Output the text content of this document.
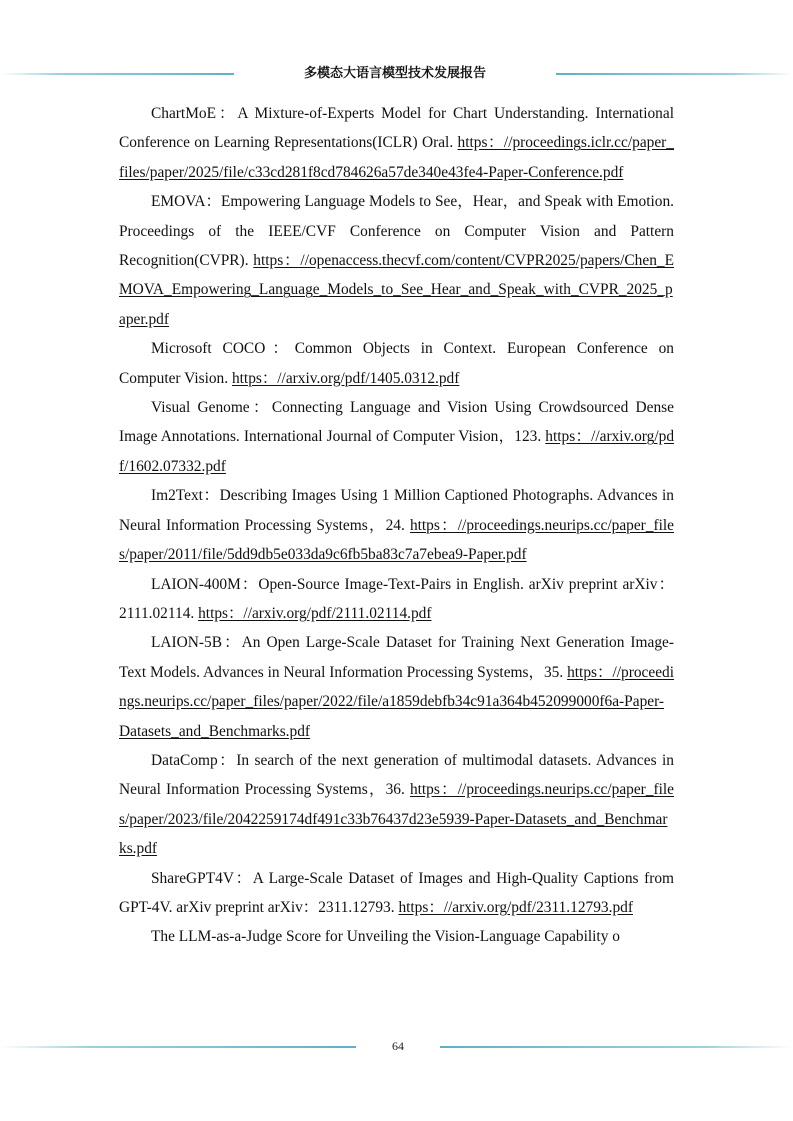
多模态大语言模型技术发展报告

ChartMoE：A Mixture-of-Experts Model for Chart Understanding. International Conference on Learning Representations(ICLR) Oral. https：//proceedings.iclr.cc/paper_files/paper/2025/file/c33cd281f8cd784626a57de340e43fe4-Paper-Conference.pdf

EMOVA：Empowering Language Models to See，Hear，and Speak with Emotion. Proceedings of the IEEE/CVF Conference on Computer Vision and Pattern Recognition(CVPR). https：//openaccess.thecvf.com/content/CVPR2025/papers/Chen_EMOVA_Empowering_Language_Models_to_See_Hear_and_Speak_with_CVPR_2025_paper.pdf

Microsoft COCO：Common Objects in Context. European Conference on Computer Vision. https：//arxiv.org/pdf/1405.0312.pdf

Visual Genome：Connecting Language and Vision Using Crowdsourced Dense Image Annotations. International Journal of Computer Vision，123. https：//arxiv.org/pdf/1602.07332.pdf

Im2Text：Describing Images Using 1 Million Captioned Photographs. Advances in Neural Information Processing Systems，24. https：//proceedings.neurips.cc/paper_files/paper/2011/file/5dd9db5e033da9c6fb5ba83c7a7ebea9-Paper.pdf

LAION-400M：Open-Source Image-Text-Pairs in English. arXiv preprint arXiv：2111.02114. https：//arxiv.org/pdf/2111.02114.pdf

LAION-5B：An Open Large-Scale Dataset for Training Next Generation Image-Text Models. Advances in Neural Information Processing Systems，35. https：//proceedings.neurips.cc/paper_files/paper/2022/file/a1859debfb34c91a364b452099000f6a-Paper-Datasets_and_Benchmarks.pdf

DataComp：In search of the next generation of multimodal datasets. Advances in Neural Information Processing Systems，36. https：//proceedings.neurips.cc/paper_files/paper/2023/file/2042259174df491c33b76437d23e5939-Paper-Datasets_and_Benchmarks.pdf

ShareGPT4V：A Large-Scale Dataset of Images and High-Quality Captions from GPT-4V. arXiv preprint arXiv：2311.12793. https：//arxiv.org/pdf/2311.12793.pdf

The LLM-as-a-Judge Score for Unveiling the Vision-Language Capability o

64
